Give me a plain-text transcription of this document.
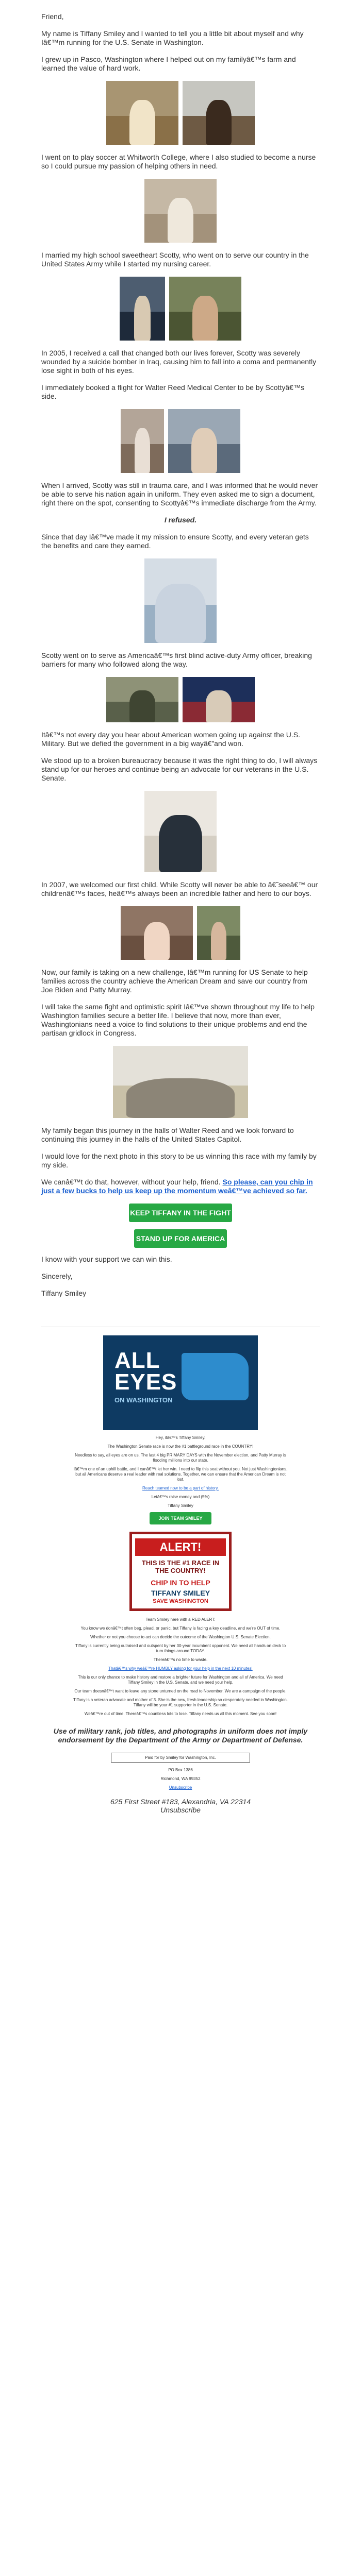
Friend,

My name is Tiffany Smiley and I wanted to tell you a little bit about myself and why Iâ€™m running for the U.S. Senate in Washington.

I grew up in Pasco, Washington where I helped out on my familyâ€™s farm and learned the value of hard work.

I went on to play soccer at Whitworth College, where I also studied to become a nurse so I could pursue my passion of helping others in need.

I married my high school sweetheart Scotty, who went on to serve our country in the United States Army while I started my nursing career.

In 2005, I received a call that changed both our lives forever, Scotty was severely wounded by a suicide bomber in Iraq, causing him to fall into a coma and permanently lose sight in both of his eyes.

I immediately booked a flight for Walter Reed Medical Center to be by Scottyâ€™s side.

When I arrived, Scotty was still in trauma care, and I was informed that he would never be able to serve his nation again in uniform. They even asked me to sign a document, right there on the spot, consenting to Scottyâ€™s immediate discharge from the Army.

I refused.

Since that day Iâ€™ve made it my mission to ensure Scotty, and every veteran gets the benefits and care they earned.

Scotty went on to serve as Americaâ€™s first blind active-duty Army officer, breaking barriers for many who followed along the way.

Itâ€™s not every day you hear about American women going up against the U.S. Military. But we defied the government in a big wayâ€”and won.

We stood up to a broken bureaucracy because it was the right thing to do, I will always stand up for our heroes and continue being an advocate for our veterans in the U.S. Senate.

In 2007, we welcomed our first child. While Scotty will never be able to â€˜seeâ€™ our childrenâ€™s faces, heâ€™s always been an incredible father and hero to our boys.

Now, our family is taking on a new challenge, Iâ€™m running for US Senate to help families across the country achieve the American Dream and save our country from Joe Biden and Patty Murray.

I will take the same fight and optimistic spirit Iâ€™ve shown throughout my life to help Washington families secure a better life. I believe that now, more than ever, Washingtonians need a voice to find solutions to their unique problems and end the partisan gridlock in Congress.

My family began this journey in the halls of Walter Reed and we look forward to continuing this journey in the halls of the United States Capitol.

I would love for the next photo in this story to be us winning this race with my family by my side.

We canâ€™t do that, however, without your help, friend. So please, can you chip in just a few bucks to help us keep up the momentum weâ€™ve achieved so far.

KEEP TIFFANY IN THE FIGHT
STAND UP FOR AMERICA

I know with your support we can win this.

Sincerely,

Tiffany Smiley

ALL
EYES
ON WASHINGTON

Hey, itâ€™s Tiffany Smiley.

The Washington Senate race is now the #1 battleground race in the COUNTRY!

Needless to say, all eyes are on us. The last 4 big PRIMARY DAYS with the November election, and Patty Murray is flooding millions into our state.

Iâ€™m one of an uphill battle, and I canâ€™t let her win. I need to flip this seat without you. Not just Washingtonians, but all Americans deserve a real leader with real solutions. Together, we can ensure that the American Dream is not lost.

Reach teamed now to be a part of history.

Letâ€™s raise money and (5%)

Tiffany Smiley

JOIN TEAM SMILEY
ALERT!
THIS IS THE #1 RACE IN THE COUNTRY!
CHIP IN TO HELP
TIFFANY SMILEY
SAVE WASHINGTON

Team Smiley here with a RED ALERT:

You know we donâ€™t often beg, plead, or panic, but Tiffany is facing a key deadline, and we're OUT of time.

Whether or not you choose to act can decide the outcome of the Washington U.S. Senate Election.

Tiffany is currently being outraised and outspent by her 30-year incumbent opponent. We need all hands on deck to turn things around TODAY.

Thereâ€™s no time to waste.

Thatâ€™s why weâ€™re HUMBLY asking for your help in the next 10 minutes!

This is our only chance to make history and restore a brighter future for Washington and all of America. We need Tiffany Smiley in the U.S. Senate, and we need your help.

Our team doesnâ€™t want to leave any stone unturned on the road to November. We are a campaign of the people.

Tiffany is a veteran advocate and mother of 3. She is the new, fresh leadership so desperately needed in Washington. Tiffany will be your #1 supporter in the U.S. Senate.

Weâ€™re out of time. Thereâ€™s countless lots to lose. Tiffany needs us all this moment. See you soon!

Use of military rank, job titles, and photographs in uniform does not imply endorsement by the Department of the Army or Department of Defense.

Paid for by Smiley for Washington, Inc.

PO Box 1386

Richmond, WA 99352

Unsubscribe

625 First Street #183, Alexandria, VA 22314
Unsubscribe
